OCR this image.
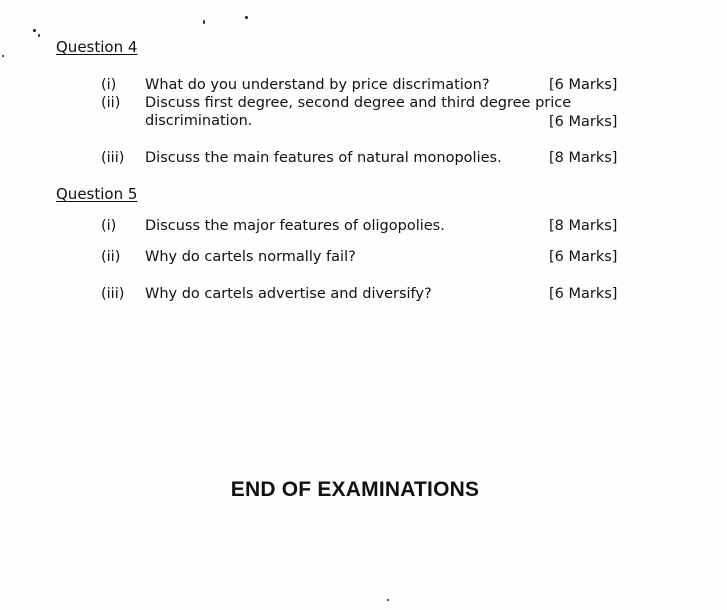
Question 4
(i) What do you understand by price discrimation?	[6 Marks]
(ii) Discuss first degree, second degree and third degree price
discrimination.	[6 Marks]
(iii) Discuss the main features of natural monopolies.	[8 Marks]
Question 5
(i) Discuss the major features of oligopolies.	[8 Marks]
(ii) Why do cartels normally fail?	[6 Marks]
(iii) Why do cartels advertise and diversify?	[6 Marks]
END OF EXAMINATIONS
